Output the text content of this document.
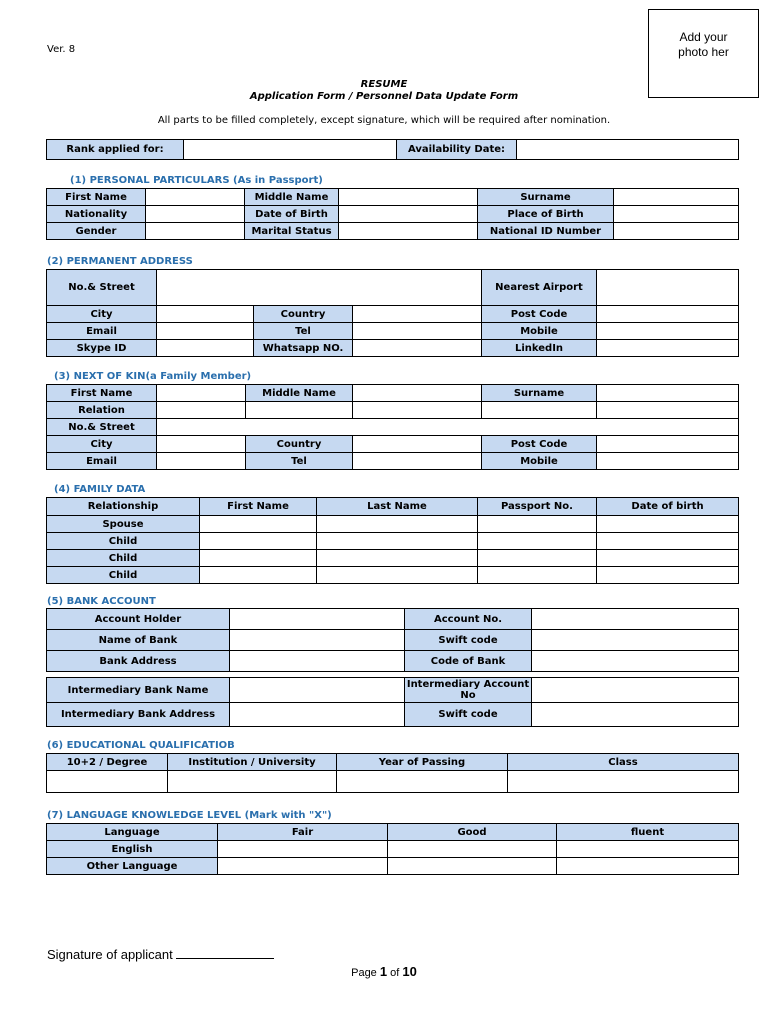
Ver. 8
Add your
photo her
RESUME
Application Form / Personnel Data Update Form
All parts to be filled completely, except signature, which will be required after nomination.
Rank applied for:		Availability Date:	
(1) PERSONAL PARTICULARS (As in Passport)
First Name		Middle Name		Surname	
Nationality		Date of Birth		Place of Birth	
Gender		Marital Status		National ID Number	
(2) PERMANENT ADDRESS
No.& Street				Nearest Airport	
City		Country		Post Code	
Email		Tel		Mobile	
Skype ID		Whatsapp NO.		LinkedIn	
(3) NEXT OF KIN(a Family Member)
First Name		Middle Name		Surname	
Relation					
No.& Street					
City		Country		Post Code	
Email		Tel		Mobile	
(4) FAMILY DATA
Relationship	First Name	Last Name	Passport No.	Date of birth
Spouse				
Child				
Child				
Child				
(5) BANK ACCOUNT
Account Holder		Account No.	
Name of Bank		Swift code	
Bank Address		Code of Bank	
Intermediary Bank Name		Intermediary Account No	
Intermediary Bank Address		Swift code	
(6) EDUCATIONAL QUALIFICATIOB
10+2 / Degree	Institution / University	Year of Passing	Class

(7) LANGUAGE KNOWLEDGE LEVEL (Mark with "X")
Language	Fair	Good	fluent
English			
Other Language			
Signature of applicant
Page 1 of 10
